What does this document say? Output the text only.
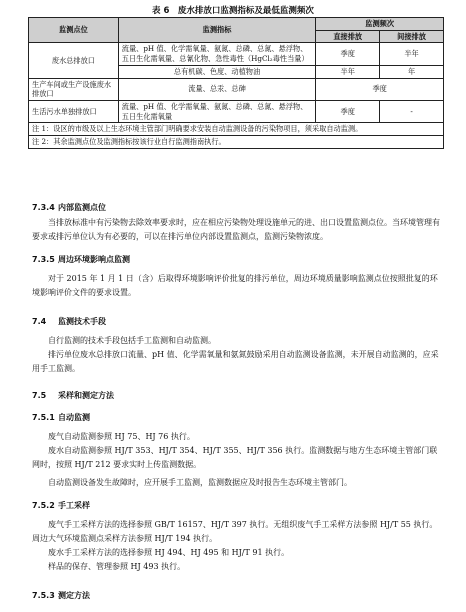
表 6　废水排放口监测指标及最低监测频次
监测点位	监测指标	监测频次	
		直接排放	间接排放
废水总排放口	流量、pH 值、化学需氧量、氨氮、总磷、总氮、悬浮物、五日生化需氧量、总氰化物、急性毒性（HgCl₂毒性当量）	季度	半年
	总有机碳、色度、动植物油	半年	年
生产车间或生产设施废水排放口	流量、总汞、总砷	季度	
生活污水单独排放口	流量、pH 值、化学需氧量、氨氮、总磷、总氮、悬浮物、五日生化需氧量	季度	-
注 1：设区的市级及以上生态环境主管部门明确要求安装自动监测设备的污染物项目，须采取自动监测。			
注 2：其余监测点位及监测指标按该行业自行监测指南执行。			
7.3.4 内部监测点位
当排放标准中有污染物去除效率要求时，应在相应污染物处理设施单元的进、出口设置监测点位。当环境管理有要求或排污单位认为有必要的，可以在排污单位内部设置监测点，监测污染物浓度。
7.3.5 周边环境影响点监测
对于 2015 年 1 月 1 日（含）后取得环境影响评价批复的排污单位，周边环境质量影响监测点位按照批复的环境影响评价文件的要求设置。
7.4 监测技术手段
自行监测的技术手段包括手工监测和自动监测。
排污单位废水总排放口流量、pH 值、化学需氧量和氨氮鼓励采用自动监测设备监测，未开展自动监测的，应采用手工监测。
7.5 采样和测定方法
7.5.1 自动监测
废气自动监测参照 HJ 75、HJ 76 执行。
废水自动监测参照 HJ/T 353、HJ/T 354、HJ/T 355、HJ/T 356 执行。监测数据与地方生态环境主管部门联网时，按照 HJ/T 212 要求实时上传监测数据。
自动监测设备发生故障时，应开展手工监测，监测数据应及时报告生态环境主管部门。
7.5.2 手工采样
废气手工采样方法的选择参照 GB/T 16157、HJ/T 397 执行。无组织废气手工采样方法参照 HJ/T 55 执行。周边大气环境监测点采样方法参照 HJ/T 194 执行。
废水手工采样方法的选择参照 HJ 494、HJ 495 和 HJ/T 91 执行。
样品的保存、管理参照 HJ 493 执行。
7.5.3 测定方法
